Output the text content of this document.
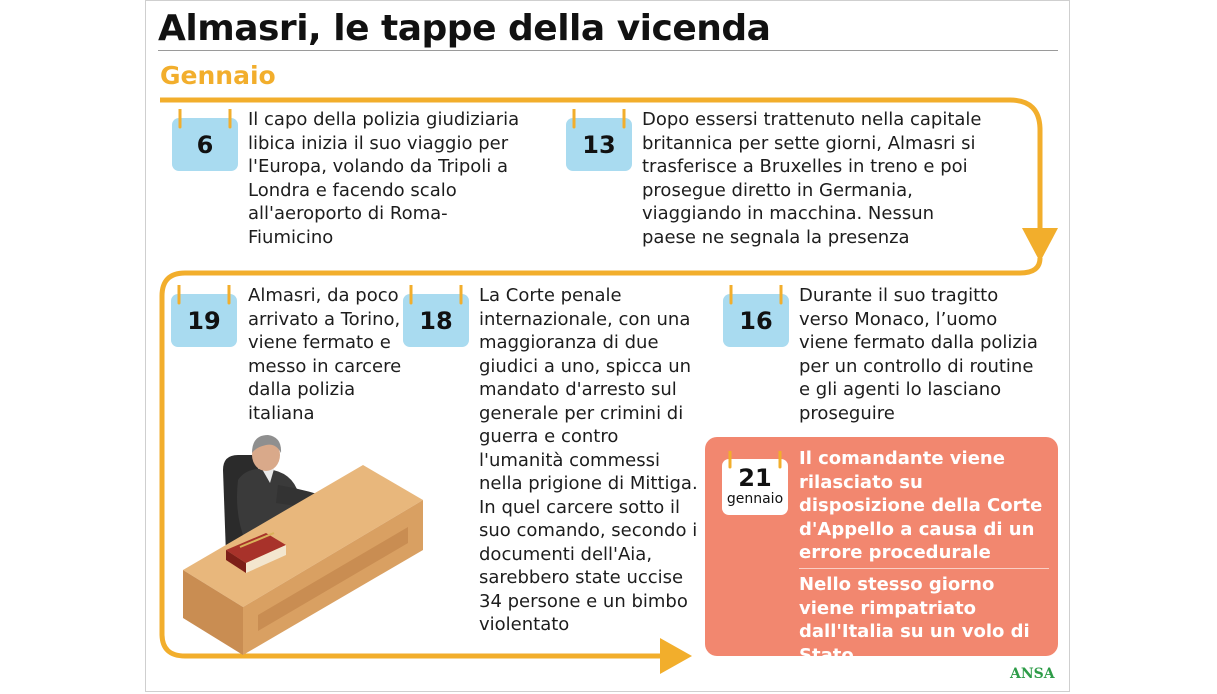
Almasri, le tappe della vicenda
Gennaio
6
Il capo della polizia giudiziaria libica inizia il suo viaggio per l'Europa, volando da Tripoli a Londra e facendo scalo all'aeroporto di Roma-Fiumicino
13
Dopo essersi trattenuto nella capitale britannica per sette giorni, Almasri si trasferisce a Bruxelles in treno e poi prosegue diretto in Germania, viaggiando in macchina. Nessun paese ne segnala la presenza
16
Durante il suo tragitto verso Monaco, l’uomo viene fermato dalla polizia per un controllo di routine e gli agenti lo lasciano proseguire
18
La Corte penale internazionale, con una maggioranza di due giudici a uno, spicca un mandato d'arresto sul generale per crimini di guerra e contro l'umanità commessi nella prigione di Mittiga. In quel carcere sotto il suo comando, secondo i documenti dell'Aia, sarebbero state uccise 34 persone e un bimbo violentato
19
Almasri, da poco arrivato a Torino, viene fermato e messo in carcere dalla polizia italiana
21
gennaio
Il comandante viene rilasciato su disposizione della Corte d'Appello a causa di un errore procedurale
Nello stesso giorno viene rimpatriato dall'Italia su un volo di Stato
ANSA
